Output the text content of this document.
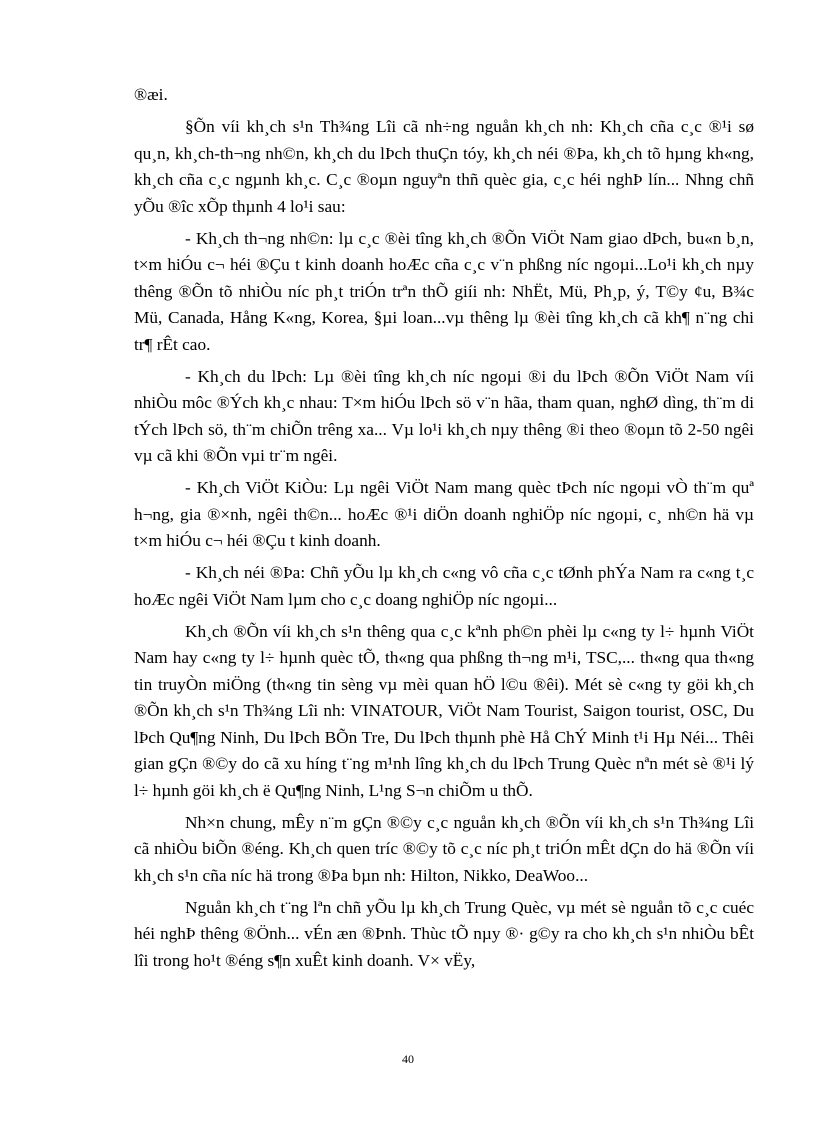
®æi.

§Õn víi kh¸ch s¹n Th¾ng Lîi cã nh÷ng nguån kh¸ch nh: Kh¸ch cña c¸c ®¹i sø qu¸n, kh¸ch-th¬ng nh©n, kh¸ch du lÞch thuÇn tóy, kh¸ch néi ®Þa, kh¸ch tõ hµng kh«ng, kh¸ch cña c¸c ngµnh kh¸c. C¸c ®oµn nguyªn thñ quèc gia, c¸c héi nghÞ lín... Nhng chñ yÕu ®îc xÕp thµnh 4 lo¹i sau:

- Kh¸ch th¬ng nh©n: lµ c¸c ®èi tîng kh¸ch ®Õn ViÖt Nam giao dÞch, bu«n b¸n, t×m hiÓu c¬ héi ®Çu t kinh doanh hoÆc cña c¸c v¨n phßng níc ngoµi...Lo¹i kh¸ch nµy thêng ®Õn tõ nhiÒu níc ph¸t triÓn trªn thÕ giíi nh: NhËt, Mü, Ph¸p, ý, T©y ¢u, B¾c Mü, Canada, Hång K«ng, Korea, §µi loan...vµ thêng lµ ®èi tîng kh¸ch cã kh¶ n¨ng chi tr¶ rÊt cao.

- Kh¸ch du lÞch: Lµ ®èi tîng kh¸ch níc ngoµi ®i du lÞch ®Õn ViÖt Nam víi nhiÒu môc ®Ých kh¸c nhau: T×m hiÓu lÞch sö v¨n hãa, tham quan, nghØ dìng, th¨m di tÝch lÞch sö, th¨m chiÕn trêng xa... Vµ lo¹i kh¸ch nµy thêng ®i theo ®oµn tõ 2-50 ngêi vµ cã khi ®Õn vµi tr¨m ngêi.

- Kh¸ch ViÖt KiÒu: Lµ ngêi ViÖt Nam mang quèc tÞch níc ngoµi vÒ th¨m quª h¬ng, gia ®×nh, ngêi th©n... hoÆc ®¹i diÖn doanh nghiÖp níc ngoµi, c¸ nh©n hä vµ t×m hiÓu c¬ héi ®Çu t kinh doanh.

- Kh¸ch néi ®Þa: Chñ yÕu lµ kh¸ch c«ng vô cña c¸c tØnh phÝa Nam ra c«ng t¸c hoÆc ngêi ViÖt Nam lµm cho c¸c doang nghiÖp níc ngoµi...

Kh¸ch ®Õn víi kh¸ch s¹n thêng qua c¸c kªnh ph©n phèi lµ c«ng ty l÷ hµnh ViÖt Nam hay c«ng ty l÷ hµnh quèc tÕ, th«ng qua phßng th¬ng m¹i, TSC,... th«ng qua th«ng tin truyÒn miÖng (th«ng tin sèng vµ mèi quan hÖ l©u ®êi). Mét sè c«ng ty göi kh¸ch ®Õn kh¸ch s¹n Th¾ng Lîi nh: VINATOUR, ViÖt Nam Tourist, Saigon tourist, OSC, Du lÞch Qu¶ng Ninh, Du lÞch BÕn Tre, Du lÞch thµnh phè Hå ChÝ Minh t¹i Hµ Néi... Thêi gian gÇn ®©y do cã xu híng t¨ng m¹nh lîng kh¸ch du lÞch Trung Quèc nªn mét sè ®¹i lý l÷ hµnh göi kh¸ch ë Qu¶ng Ninh, L¹ng S¬n chiÕm u thÕ.

Nh×n chung, mÊy n¨m gÇn ®©y c¸c nguån kh¸ch ®Õn víi kh¸ch s¹n Th¾ng Lîi cã nhiÒu biÕn ®éng. Kh¸ch quen tríc ®©y tõ c¸c níc ph¸t triÓn mÊt dÇn do hä ®Õn víi kh¸ch s¹n cña níc hä trong ®Þa bµn nh: Hilton, Nikko, DeaWoo...

Nguån kh¸ch t¨ng lªn chñ yÕu lµ kh¸ch Trung Quèc, vµ mét sè nguån tõ c¸c cuéc héi nghÞ thêng ®Önh... vÉn æn ®Þnh. Thùc tÕ nµy ®· g©y ra cho kh¸ch s¹n nhiÒu bÊt lîi trong ho¹t ®éng s¶n xuÊt kinh doanh. V× vËy,

40
